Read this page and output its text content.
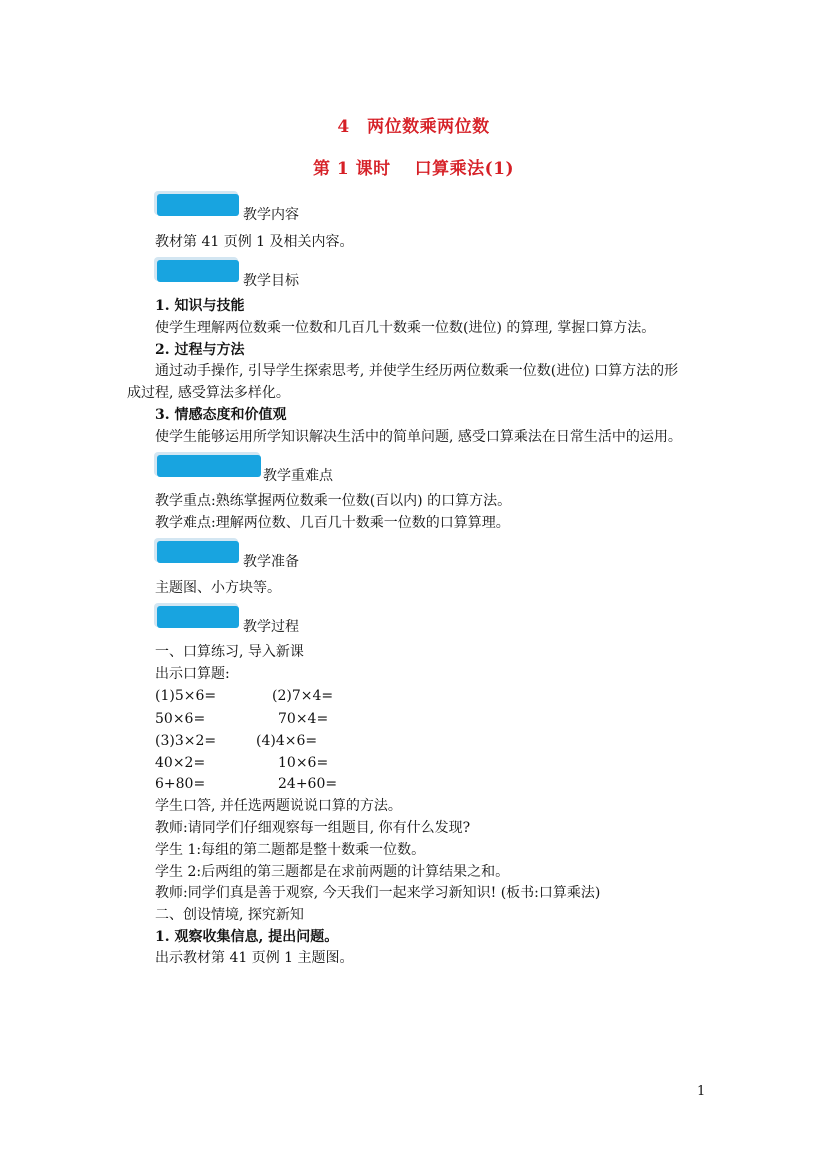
4　两位数乘两位数
第 1 课时　 口算乘法(1)
教学内容
教材第 41 页例 1 及相关内容。
教学目标
1. 知识与技能
使学生理解两位数乘一位数和几百几十数乘一位数(进位) 的算理, 掌握口算方法。
2. 过程与方法
通过动手操作, 引导学生探索思考, 并使学生经历两位数乘一位数(进位) 口算方法的形
成过程, 感受算法多样化。
3. 情感态度和价值观
使学生能够运用所学知识解决生活中的简单问题, 感受口算乘法在日常生活中的运用。
教学重难点
教学重点:熟练掌握两位数乘一位数(百以内) 的口算方法。
教学难点:理解两位数、几百几十数乘一位数的口算算理。
教学准备
主题图、小方块等。
教学过程
一、口算练习, 导入新课
出示口算题:
(1)5×6=	(2)7×4=
50×6=	70×4=
(3)3×2=	(4)4×6=
40×2=	10×6=
6+80=	24+60=
学生口答, 并任选两题说说口算的方法。
教师:请同学们仔细观察每一组题目, 你有什么发现?
学生 1:每组的第二题都是整十数乘一位数。
学生 2:后两组的第三题都是在求前两题的计算结果之和。
教师:同学们真是善于观察, 今天我们一起来学习新知识! (板书:口算乘法)
二、创设情境, 探究新知
1. 观察收集信息, 提出问题。
出示教材第 41 页例 1 主题图。
1
